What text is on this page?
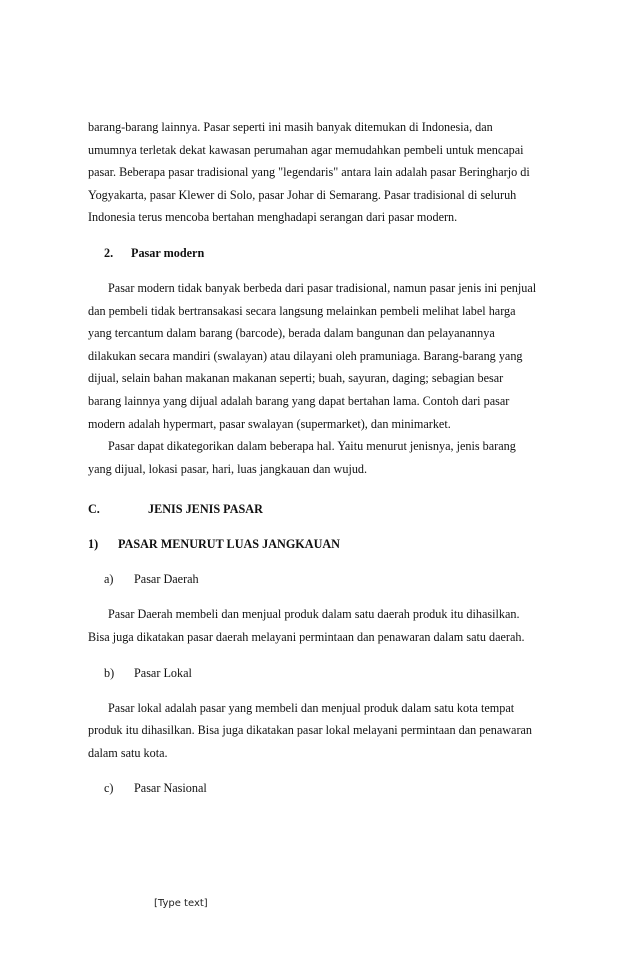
barang-barang lainnya. Pasar seperti ini masih banyak ditemukan di Indonesia, dan

umumnya terletak dekat kawasan perumahan agar memudahkan pembeli untuk mencapai

pasar. Beberapa pasar tradisional yang "legendaris" antara lain adalah pasar Beringharjo di

Yogyakarta, pasar Klewer di Solo, pasar Johar di Semarang. Pasar tradisional di seluruh

Indonesia terus mencoba bertahan menghadapi serangan dari pasar modern.

2. Pasar modern

Pasar modern tidak banyak berbeda dari pasar tradisional, namun pasar jenis ini penjual

dan pembeli tidak bertransakasi secara langsung melainkan pembeli melihat label harga

yang tercantum dalam barang (barcode), berada dalam bangunan dan pelayanannya

dilakukan secara mandiri (swalayan) atau dilayani oleh pramuniaga. Barang-barang yang

dijual, selain bahan makanan makanan seperti; buah, sayuran, daging; sebagian besar

barang lainnya yang dijual adalah barang yang dapat bertahan lama. Contoh dari pasar

modern adalah hypermart, pasar swalayan (supermarket), dan minimarket.

Pasar dapat dikategorikan dalam beberapa hal. Yaitu menurut jenisnya, jenis barang

yang dijual, lokasi pasar, hari, luas jangkauan dan wujud.

C.	JENIS JENIS PASAR

1) PASAR MENURUT LUAS JANGKAUAN

a) Pasar Daerah

Pasar Daerah membeli dan menjual produk dalam satu daerah produk itu dihasilkan.

Bisa juga dikatakan pasar daerah melayani permintaan dan penawaran dalam satu daerah.

b) Pasar Lokal

Pasar lokal adalah pasar yang membeli dan menjual produk dalam satu kota tempat

produk itu dihasilkan. Bisa juga dikatakan pasar lokal melayani permintaan dan penawaran

dalam satu kota.

c) Pasar Nasional

[Type text]
